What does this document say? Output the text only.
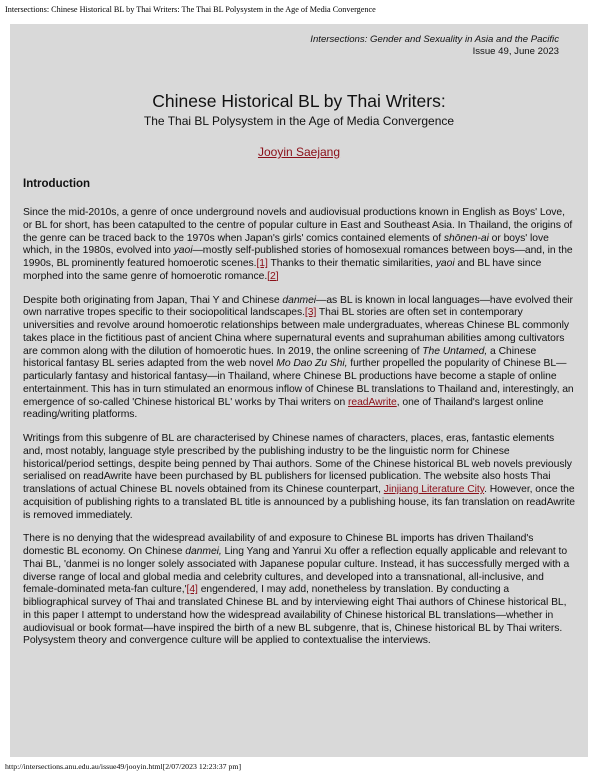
Intersections: Chinese Historical BL by Thai Writers: The Thai BL Polysystem in the Age of Media Convergence
Intersections: Gender and Sexuality in Asia and the Pacific
Issue 49, June 2023
Chinese Historical BL by Thai Writers:
The Thai BL Polysystem in the Age of Media Convergence
Jooyin Saejang
Introduction

Since the mid-2010s, a genre of once underground novels and audiovisual productions known in English as Boys' Love, or BL for short, has been catapulted to the centre of popular culture in East and Southeast Asia. In Thailand, the origins of the genre can be traced back to the 1970s when Japan's girls' comics contained elements of shōnen-ai or boys' love which, in the 1980s, evolved into yaoi—mostly self-published stories of homosexual romances between boys—and, in the 1990s, BL prominently featured homoerotic scenes.[1] Thanks to their thematic similarities, yaoi and BL have since morphed into the same genre of homoerotic romance.[2]

Despite both originating from Japan, Thai Y and Chinese danmei—as BL is known in local languages—have evolved their own narrative tropes specific to their sociopolitical landscapes.[3] Thai BL stories are often set in contemporary universities and revolve around homoerotic relationships between male undergraduates, whereas Chinese BL commonly takes place in the fictitious past of ancient China where supernatural events and suprahuman abilities among cultivators are common along with the dilution of homoerotic hues. In 2019, the online screening of The Untamed, a Chinese historical fantasy BL series adapted from the web novel Mo Dao Zu Shi, further propelled the popularity of Chinese BL—particularly fantasy and historical fantasy—in Thailand, where Chinese BL productions have become a staple of online entertainment. This has in turn stimulated an enormous inflow of Chinese BL translations to Thailand and, interestingly, an emergence of so-called 'Chinese historical BL' works by Thai writers on readAwrite, one of Thailand's largest online reading/writing platforms.

Writings from this subgenre of BL are characterised by Chinese names of characters, places, eras, fantastic elements and, most notably, language style prescribed by the publishing industry to be the linguistic norm for Chinese historical/period settings, despite being penned by Thai authors. Some of the Chinese historical BL web novels previously serialised on readAwrite have been purchased by BL publishers for licensed publication. The website also hosts Thai translations of actual Chinese BL novels obtained from its Chinese counterpart, Jinjiang Literature City. However, once the acquisition of publishing rights to a translated BL title is announced by a publishing house, its fan translation on readAwrite is removed immediately.

There is no denying that the widespread availability of and exposure to Chinese BL imports has driven Thailand's domestic BL economy. On Chinese danmei, Ling Yang and Yanrui Xu offer a reflection equally applicable and relevant to Thai BL, 'danmei is no longer solely associated with Japanese popular culture. Instead, it has successfully merged with a diverse range of local and global media and celebrity cultures, and developed into a transnational, all-inclusive, and female-dominated meta-fan culture,'[4] engendered, I may add, nonetheless by translation. By conducting a bibliographical survey of Thai and translated Chinese BL and by interviewing eight Thai authors of Chinese historical BL, in this paper I attempt to understand how the widespread availability of Chinese historical BL translations—whether in audiovisual or book format—have inspired the birth of a new BL subgenre, that is, Chinese historical BL by Thai writers. Polysystem theory and convergence culture will be applied to contextualise the interviews.

http://intersections.anu.edu.au/issue49/jooyin.html[2/07/2023 12:23:37 pm]
